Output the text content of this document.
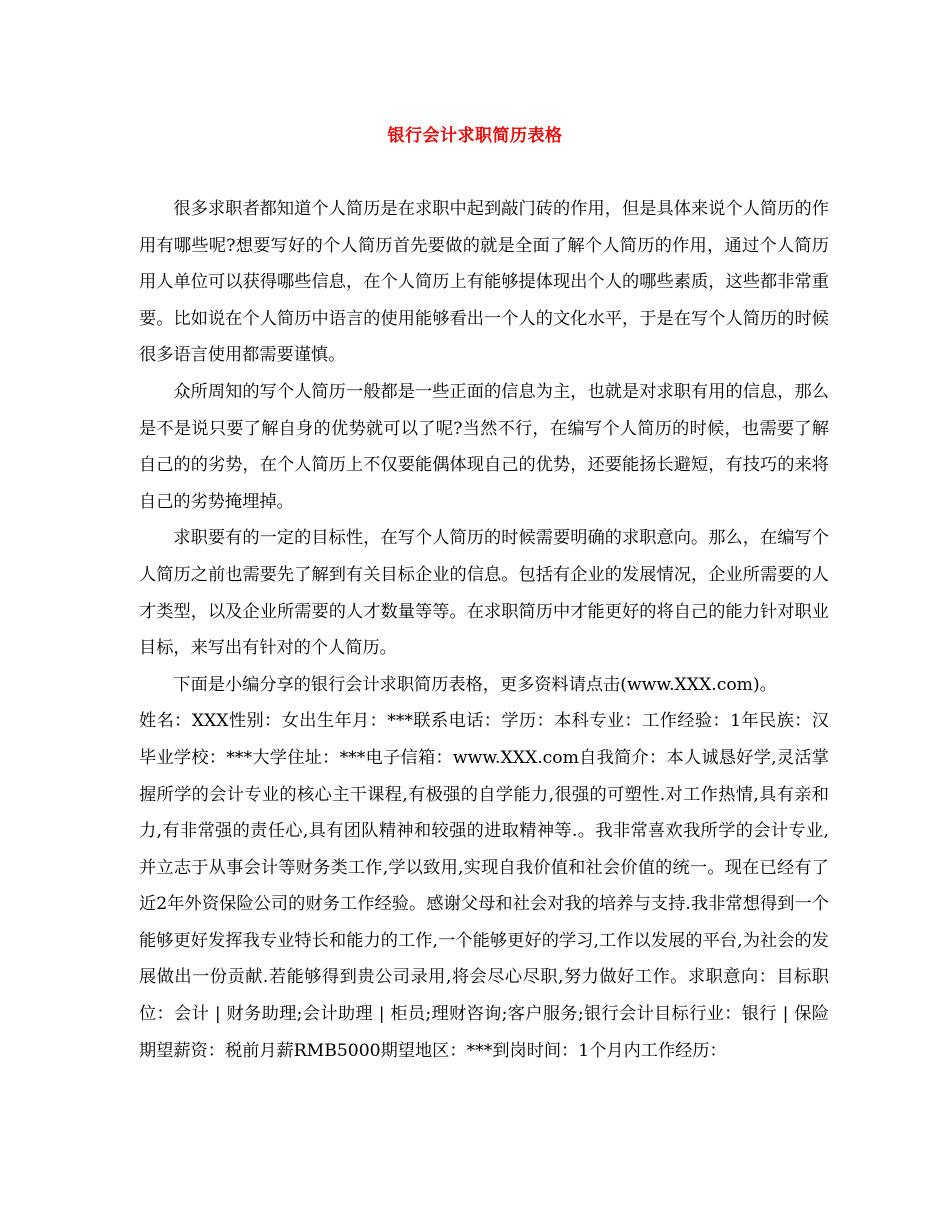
银行会计求职简历表格

很多求职者都知道个人简历是在求职中起到敲门砖的作用，但是具体来说个人简历的作用有哪些呢?想要写好的个人简历首先要做的就是全面了解个人简历的作用，通过个人简历用人单位可以获得哪些信息，在个人简历上有能够提体现出个人的哪些素质，这些都非常重要。比如说在个人简历中语言的使用能够看出一个人的文化水平，于是在写个人简历的时候很多语言使用都需要谨慎。

众所周知的写个人简历一般都是一些正面的信息为主，也就是对求职有用的信息，那么是不是说只要了解自身的优势就可以了呢?当然不行，在编写个人简历的时候，也需要了解自己的的劣势，在个人简历上不仅要能偶体现自己的优势，还要能扬长避短，有技巧的来将自己的劣势掩埋掉。

求职要有的一定的目标性，在写个人简历的时候需要明确的求职意向。那么，在编写个人简历之前也需要先了解到有关目标企业的信息。包括有企业的发展情况，企业所需要的人才类型，以及企业所需要的人才数量等等。在求职简历中才能更好的将自己的能力针对职业目标，来写出有针对的个人简历。

下面是小编分享的银行会计求职简历表格，更多资料请点击(www.XXX.com)。

姓名：XXX性别：女出生年月：***联系电话：学历：本科专业：工作经验：1年民族：汉毕业学校：***大学住址：***电子信箱：www.XXX.com自我简介：本人诚恳好学,灵活掌握所学的会计专业的核心主干课程,有极强的自学能力,很强的可塑性.对工作热情,具有亲和力,有非常强的责任心,具有团队精神和较强的进取精神等.。我非常喜欢我所学的会计专业,并立志于从事会计等财务类工作,学以致用,实现自我价值和社会价值的统一。现在已经有了近2年外资保险公司的财务工作经验。感谢父母和社会对我的培养与支持.我非常想得到一个能够更好发挥我专业特长和能力的工作,一个能够更好的学习,工作以发展的平台,为社会的发展做出一份贡献.若能够得到贵公司录用,将会尽心尽职,努力做好工作。求职意向：目标职位：会计 | 财务助理;会计助理 | 柜员;理财咨询;客户服务;银行会计目标行业：银行 | 保险期望薪资：税前月薪RMB5000期望地区：***到岗时间：1个月内工作经历：
